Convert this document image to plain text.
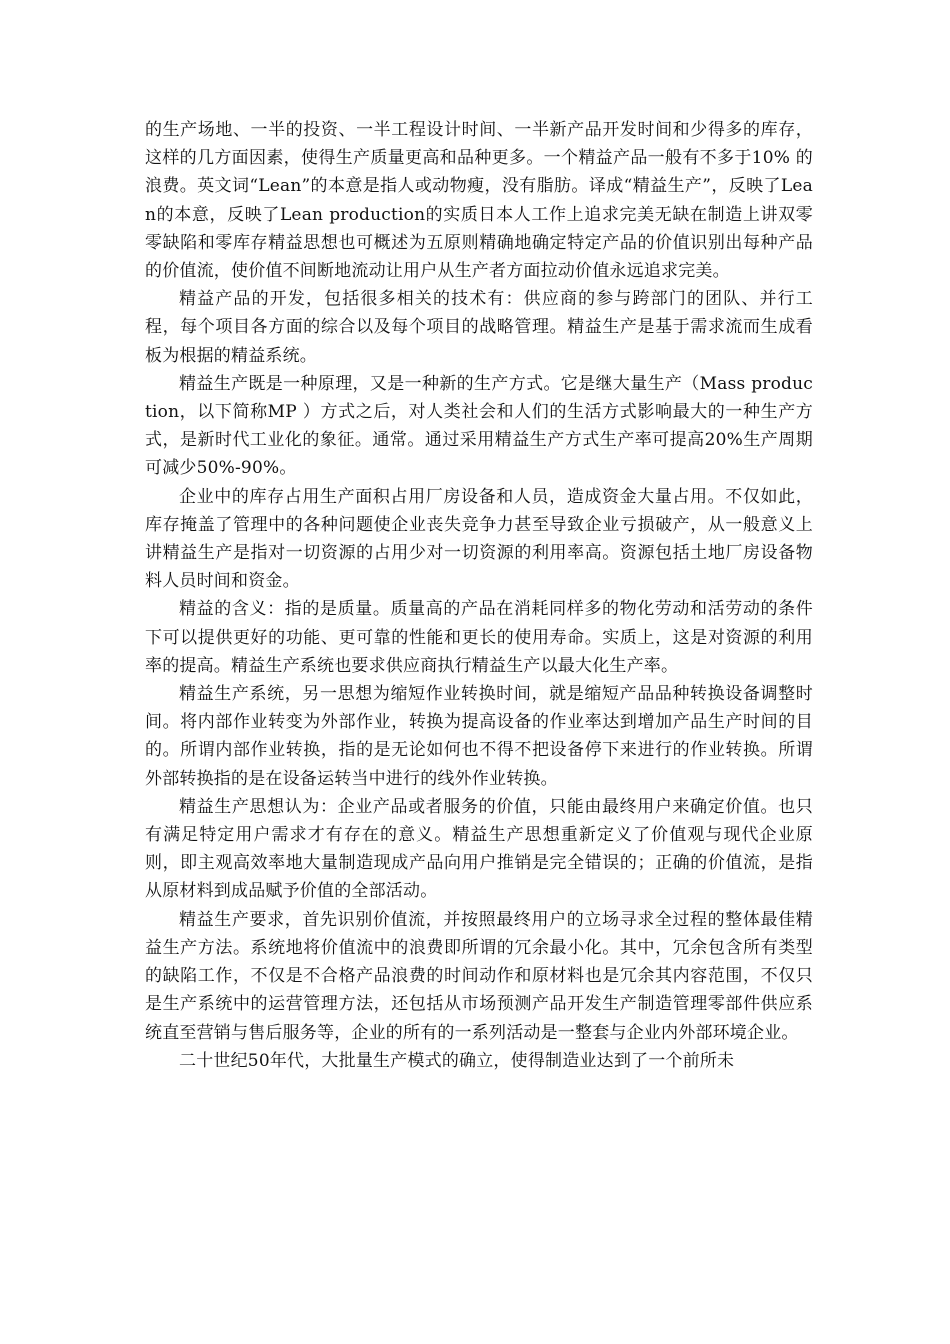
的生产场地、一半的投资、一半工程设计时间、一半新产品开发时间和少得多的库存，这样的几方面因素，使得生产质量更高和品种更多。一个精益产品一般有不多于10% 的浪费。英文词“Lean”的本意是指人或动物瘦，没有脂肪。译成“精益生产”，反映了Lean的本意，反映了Lean production的实质日本人工作上追求完美无缺在制造上讲双零零缺陷和零库存精益思想也可概述为五原则精确地确定特定产品的价值识别出每种产品的价值流，使价值不间断地流动让用户从生产者方面拉动价值永远追求完美。

精益产品的开发，包括很多相关的技术有：供应商的参与跨部门的团队、并行工程，每个项目各方面的综合以及每个项目的战略管理。精益生产是基于需求流而生成看板为根据的精益系统。

精益生产既是一种原理，又是一种新的生产方式。它是继大量生产（Mass production，以下简称MP ）方式之后，对人类社会和人们的生活方式影响最大的一种生产方式，是新时代工业化的象征。通常。通过采用精益生产方式生产率可提高20%生产周期可减少50%-90%。

企业中的库存占用生产面积占用厂房设备和人员，造成资金大量占用。不仅如此，库存掩盖了管理中的各种问题使企业丧失竞争力甚至导致企业亏损破产，从一般意义上讲精益生产是指对一切资源的占用少对一切资源的利用率高。资源包括土地厂房设备物料人员时间和资金。

精益的含义：指的是质量。质量高的产品在消耗同样多的物化劳动和活劳动的条件下可以提供更好的功能、更可靠的性能和更长的使用寿命。实质上，这是对资源的利用率的提高。精益生产系统也要求供应商执行精益生产以最大化生产率。

精益生产系统，另一思想为缩短作业转换时间，就是缩短产品品种转换设备调整时间。将内部作业转变为外部作业，转换为提高设备的作业率达到增加产品生产时间的目的。所谓内部作业转换，指的是无论如何也不得不把设备停下来进行的作业转换。所谓外部转换指的是在设备运转当中进行的线外作业转换。

精益生产思想认为：企业产品或者服务的价值，只能由最终用户来确定价值。也只有满足特定用户需求才有存在的意义。精益生产思想重新定义了价值观与现代企业原则，即主观高效率地大量制造现成产品向用户推销是完全错误的；正确的价值流，是指从原材料到成品赋予价值的全部活动。

精益生产要求，首先识别价值流，并按照最终用户的立场寻求全过程的整体最佳精益生产方法。系统地将价值流中的浪费即所谓的冗余最小化。其中，冗余包含所有类型的缺陷工作，不仅是不合格产品浪费的时间动作和原材料也是冗余其内容范围，不仅只是生产系统中的运营管理方法，还包括从市场预测产品开发生产制造管理零部件供应系统直至营销与售后服务等，企业的所有的一系列活动是一整套与企业内外部环境企业。

二十世纪50年代，大批量生产模式的确立，使得制造业达到了一个前所未
